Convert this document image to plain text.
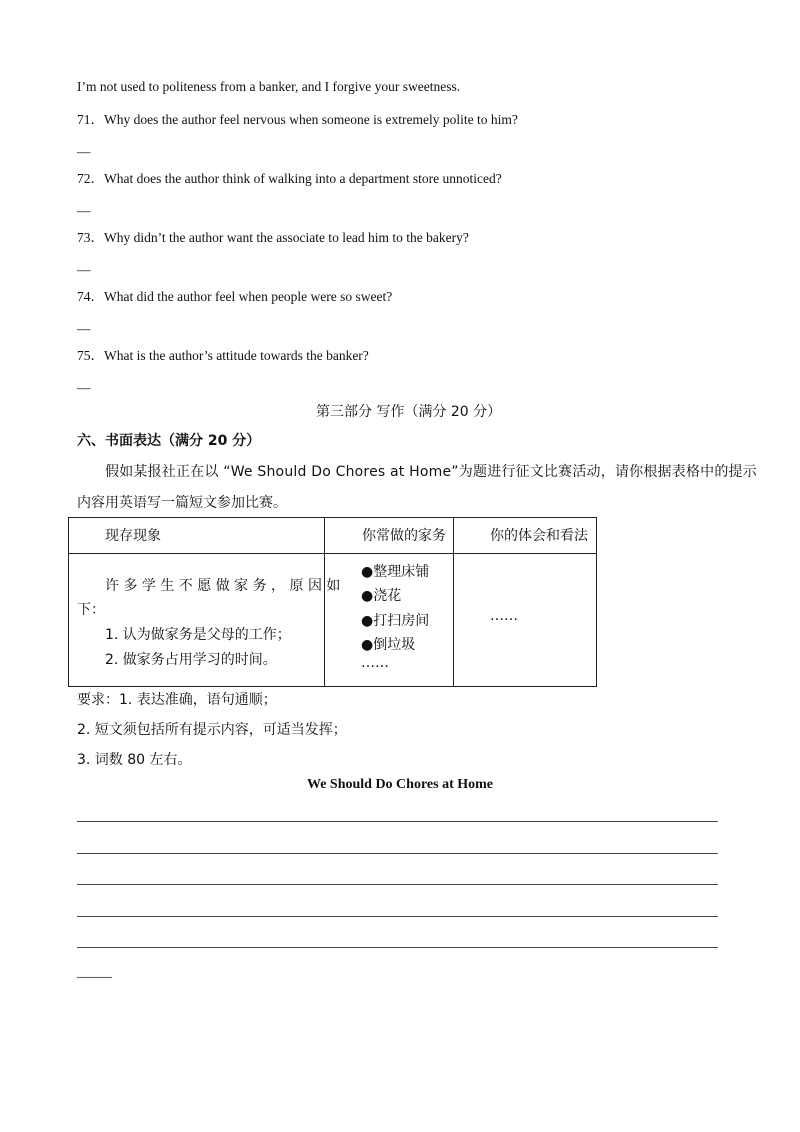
I’m not used to politeness from a banker, and I forgive your sweetness.
71．Why does the author feel nervous when someone is extremely polite to him?
—
72．What does the author think of walking into a department store unnoticed?
—
73．Why didn’t the author want the associate to lead him to the bakery?
—
74．What did the author feel when people were so sweet?
—
75．What is the author’s attitude towards the banker?
—
第三部分 写作（满分 20 分）
六、书面表达（满分 20 分）
假如某报社正在以 “We Should Do Chores at Home”为题进行征文比赛活动，请你根据表格中的提示
内容用英语写一篇短文参加比赛。
现存现象	你常做的家务	你的体会和看法

许 多 学 生 不 愿 做 家 务 ， 原 因 如
下：
1. 认为做家务是父母的工作；
2. 做家务占用学习的时间。	●整理床铺
●浇花
●打扫房间
●倒垃圾
……	……
要求：1. 表达准确，语句通顺；
2. 短文须包括所有提示内容，可适当发挥；
3. 词数 80 左右。
We Should Do Chores at Home
_____
